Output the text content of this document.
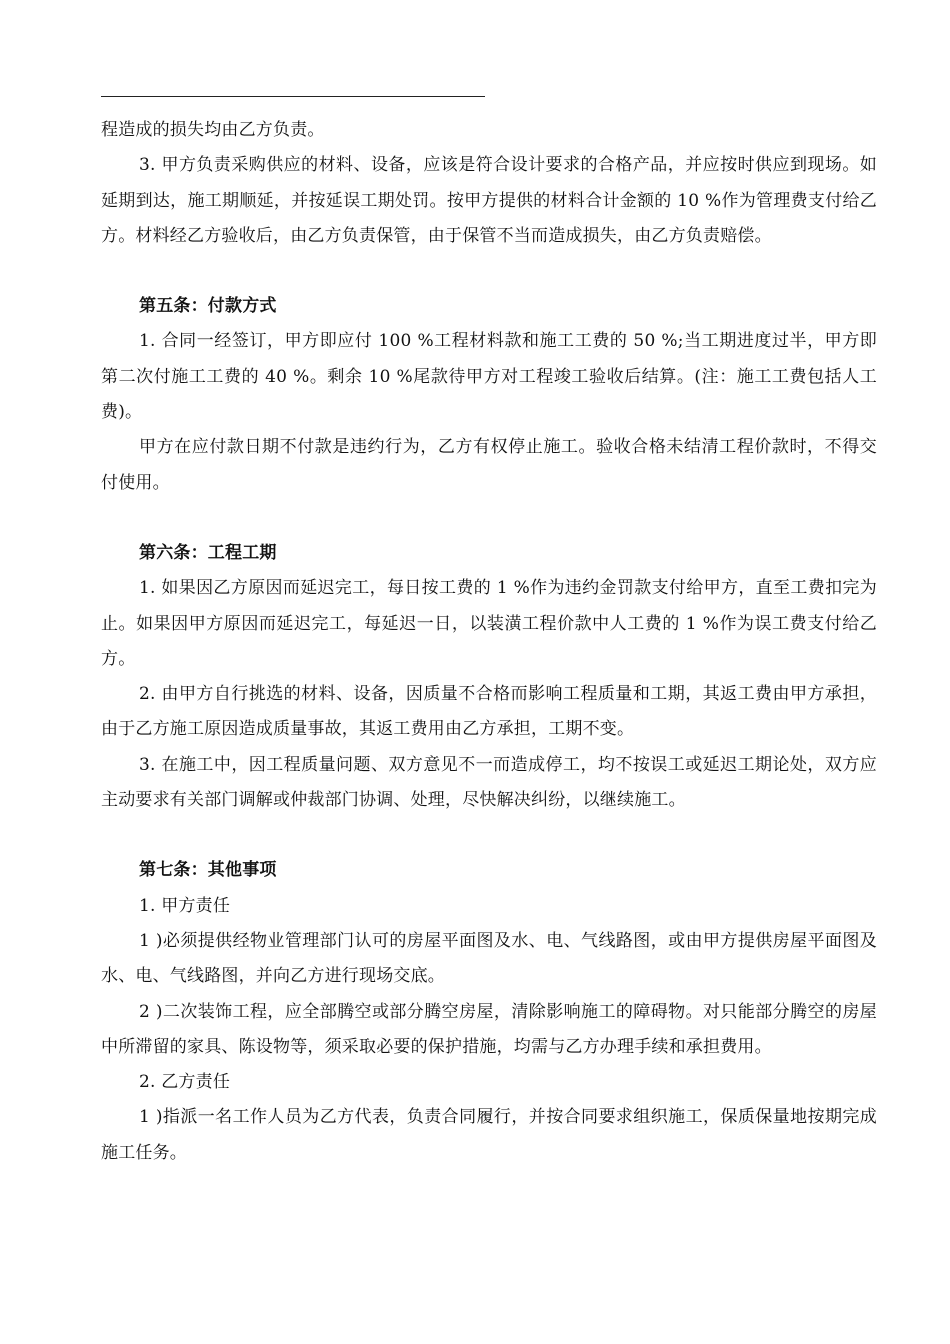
程造成的损失均由乙方负责。

3. 甲方负责采购供应的材料、设备，应该是符合设计要求的合格产品，并应按时供应到现场。如延期到达，施工期顺延，并按延误工期处罚。按甲方提供的材料合计金额的 10 %作为管理费支付给乙方。材料经乙方验收后，由乙方负责保管，由于保管不当而造成损失，由乙方负责赔偿。

第五条：付款方式

1. 合同一经签订，甲方即应付 100 %工程材料款和施工工费的 50 %;当工期进度过半，甲方即第二次付施工工费的 40 %。剩余 10 %尾款待甲方对工程竣工验收后结算。(注：施工工费包括人工费)。

甲方在应付款日期不付款是违约行为，乙方有权停止施工。验收合格未结清工程价款时，不得交付使用。

第六条：工程工期

1. 如果因乙方原因而延迟完工，每日按工费的 1 %作为违约金罚款支付给甲方，直至工费扣完为止。如果因甲方原因而延迟完工，每延迟一日，以装潢工程价款中人工费的 1 %作为误工费支付给乙方。

2. 由甲方自行挑选的材料、设备，因质量不合格而影响工程质量和工期，其返工费由甲方承担，由于乙方施工原因造成质量事故，其返工费用由乙方承担，工期不变。

3. 在施工中，因工程质量问题、双方意见不一而造成停工，均不按误工或延迟工期论处，双方应主动要求有关部门调解或仲裁部门协调、处理，尽快解决纠纷，以继续施工。

第七条：其他事项

1. 甲方责任

1 )必须提供经物业管理部门认可的房屋平面图及水、电、气线路图，或由甲方提供房屋平面图及水、电、气线路图，并向乙方进行现场交底。

2 )二次装饰工程，应全部腾空或部分腾空房屋，清除影响施工的障碍物。对只能部分腾空的房屋中所滞留的家具、陈设物等，须采取必要的保护措施，均需与乙方办理手续和承担费用。

2. 乙方责任

1 )指派一名工作人员为乙方代表，负责合同履行，并按合同要求组织施工，保质保量地按期完成施工任务。
